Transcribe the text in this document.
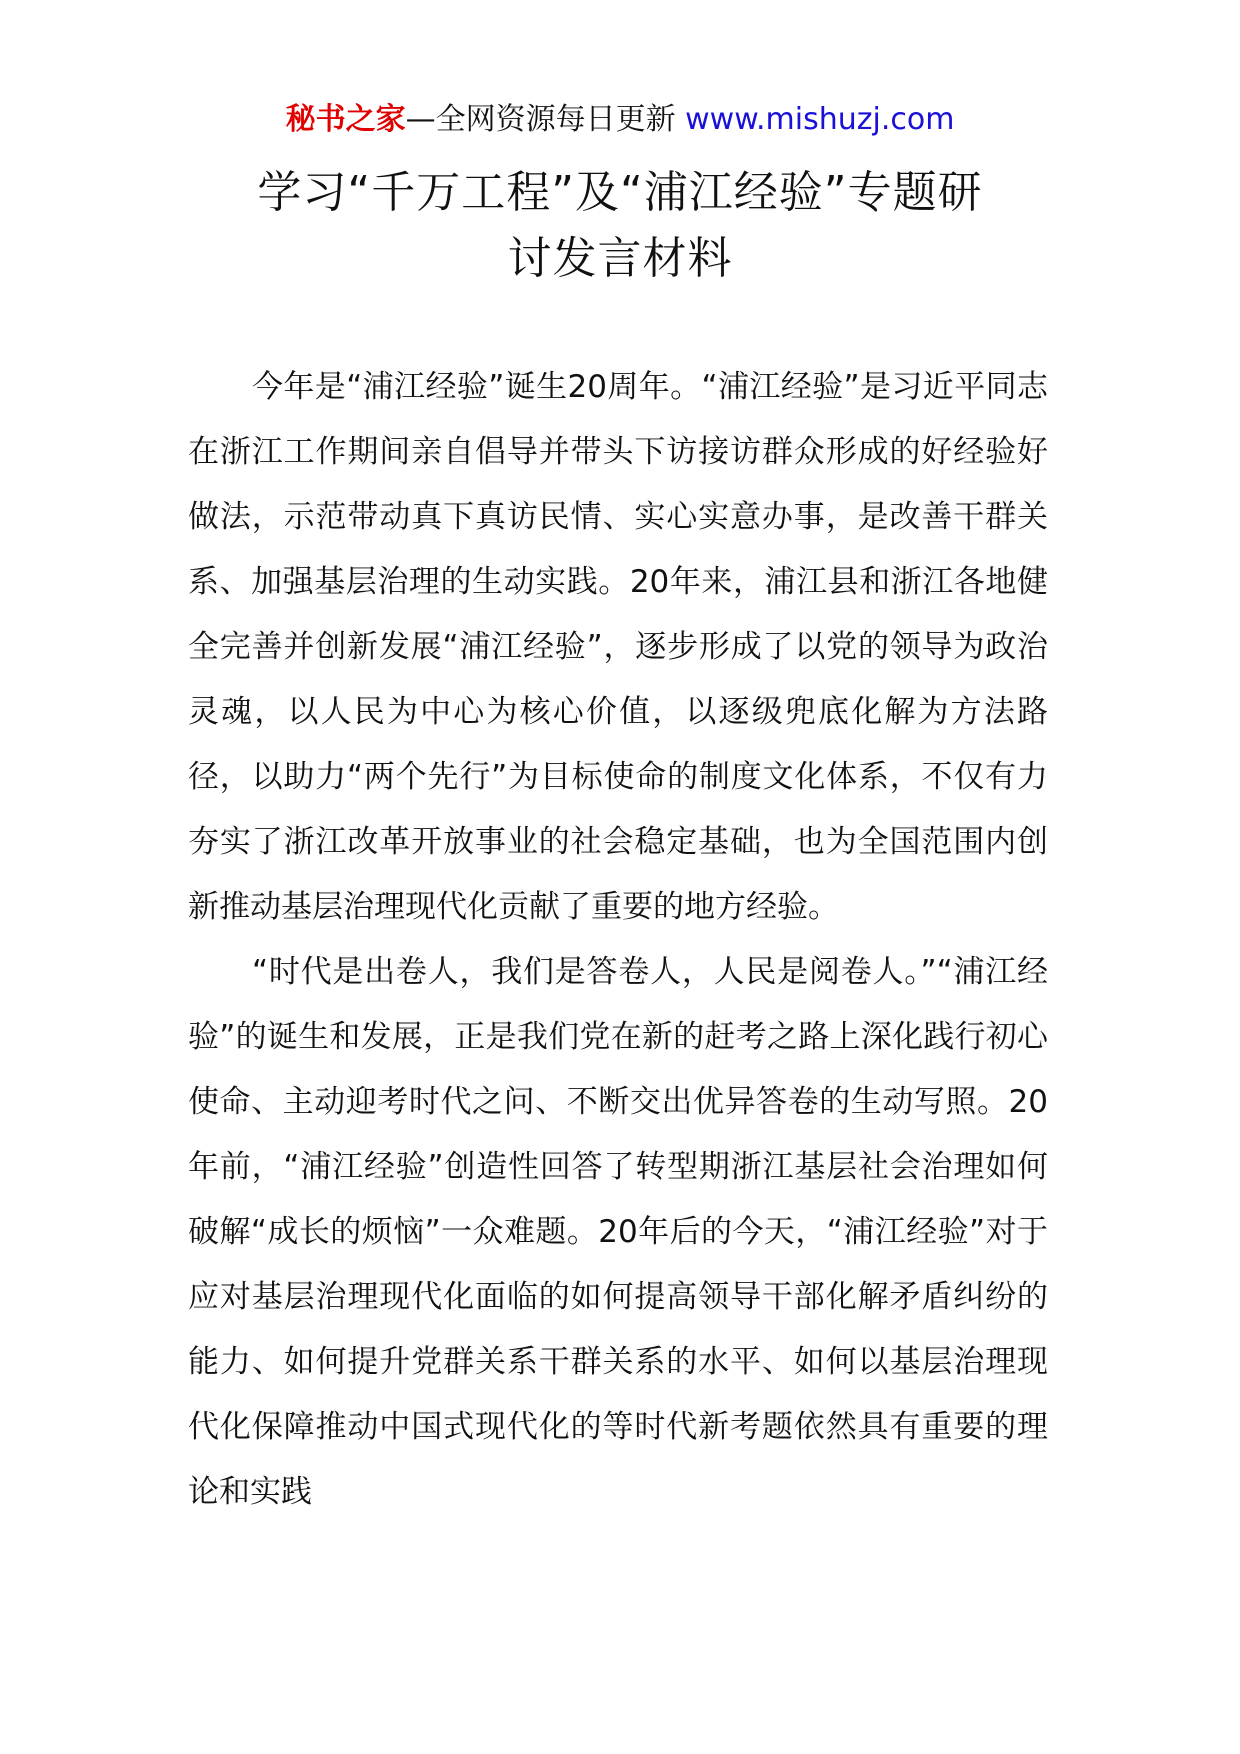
秘书之家—全网资源每日更新 www.mishuzj.com
学习“千万工程”及“浦江经验”专题研
讨发言材料

今年是“浦江经验”诞生20周年。“浦江经验”是习近平同志在浙江工作期间亲自倡导并带头下访接访群众形成的好经验好做法，示范带动真下真访民情、实心实意办事，是改善干群关系、加强基层治理的生动实践。20年来，浦江县和浙江各地健全完善并创新发展“浦江经验”，逐步形成了以党的领导为政治灵魂，以人民为中心为核心价值，以逐级兜底化解为方法路径，以助力“两个先行”为目标使命的制度文化体系，不仅有力夯实了浙江改革开放事业的社会稳定基础，也为全国范围内创新推动基层治理现代化贡献了重要的地方经验。

“时代是出卷人，我们是答卷人，人民是阅卷人。”“浦江经验”的诞生和发展，正是我们党在新的赶考之路上深化践行初心使命、主动迎考时代之问、不断交出优异答卷的生动写照。20年前，“浦江经验”创造性回答了转型期浙江基层社会治理如何破解“成长的烦恼”一众难题。20年后的今天，“浦江经验”对于应对基层治理现代化面临的如何提高领导干部化解矛盾纠纷的能力、如何提升党群关系干群关系的水平、如何以基层治理现代化保障推动中国式现代化的等时代新考题依然具有重要的理论和实践
